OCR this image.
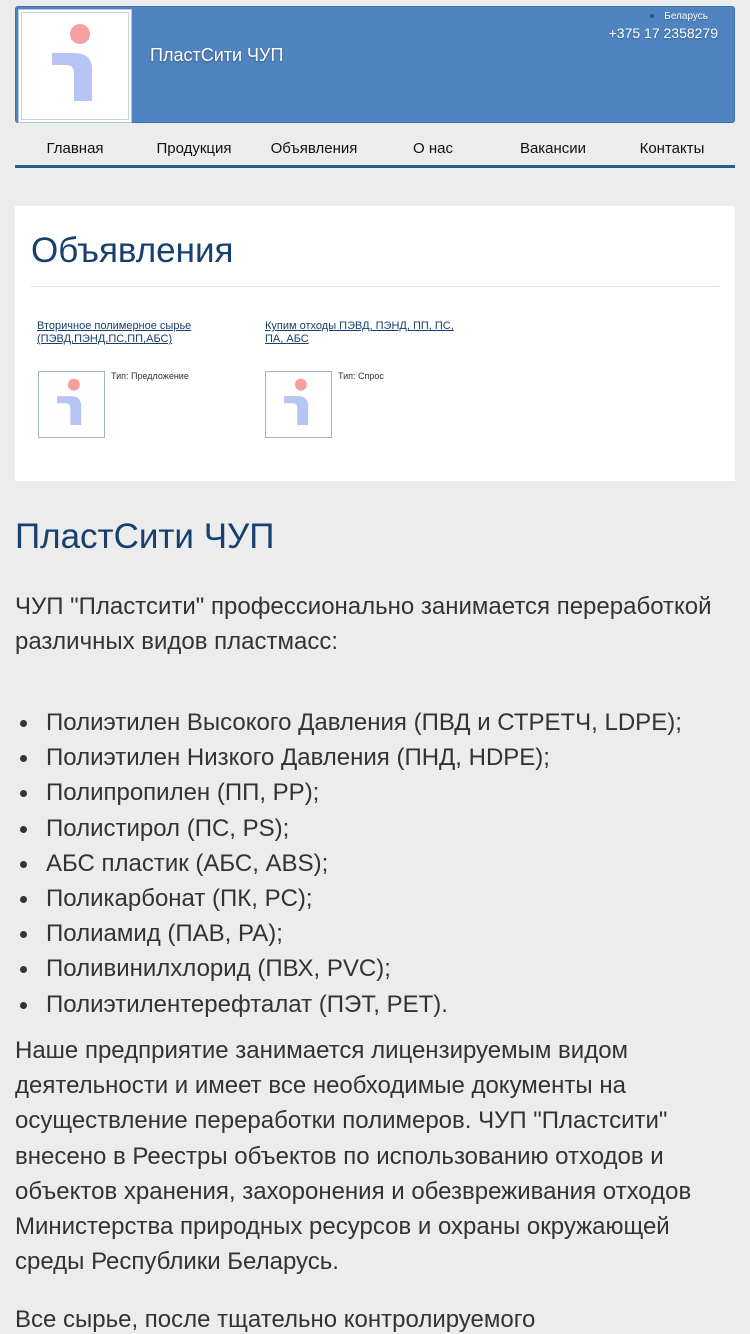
ПластСити ЧУП
Беларусь
+375 17 2358279
Главная	Продукция	Объявления	О нас	Вакансии	Контакты
Объявления
Вторичное полимерное сырье (ПЭВД,ПЭНД,ПС,ПП,АБС)
Тип: Предложение
Купим отходы ПЭВД, ПЭНД, ПП, ПС, ПА, АБС
Тип: Спрос
ПластСити ЧУП
ЧУП "Пластсити" профессионально занимается переработкой различных видов пластмасс:
Полиэтилен Высокого Давления (ПВД и СТРЕТЧ, LDPE);
Полиэтилен Низкого Давления (ПНД, HDPE);
Полипропилен (ПП, PP);
Полистирол (ПС, PS);
АБС пластик (АБС, ABS);
Поликарбонат (ПК, PC);
Полиамид (ПАВ, PA);
Поливинилхлорид (ПВХ, PVC);
Полиэтилентерефталат (ПЭТ, PET).
Наше предприятие занимается лицензируемым видом деятельности и имеет все необходимые документы на осуществление переработки полимеров. ЧУП "Пластсити" внесено в Реестры объектов по использованию отходов и объектов хранения, захоронения и обезвреживания отходов Министерства природных ресурсов и охраны окружающей среды Республики Беларусь.
Все сырье, после тщательно контролируемого
